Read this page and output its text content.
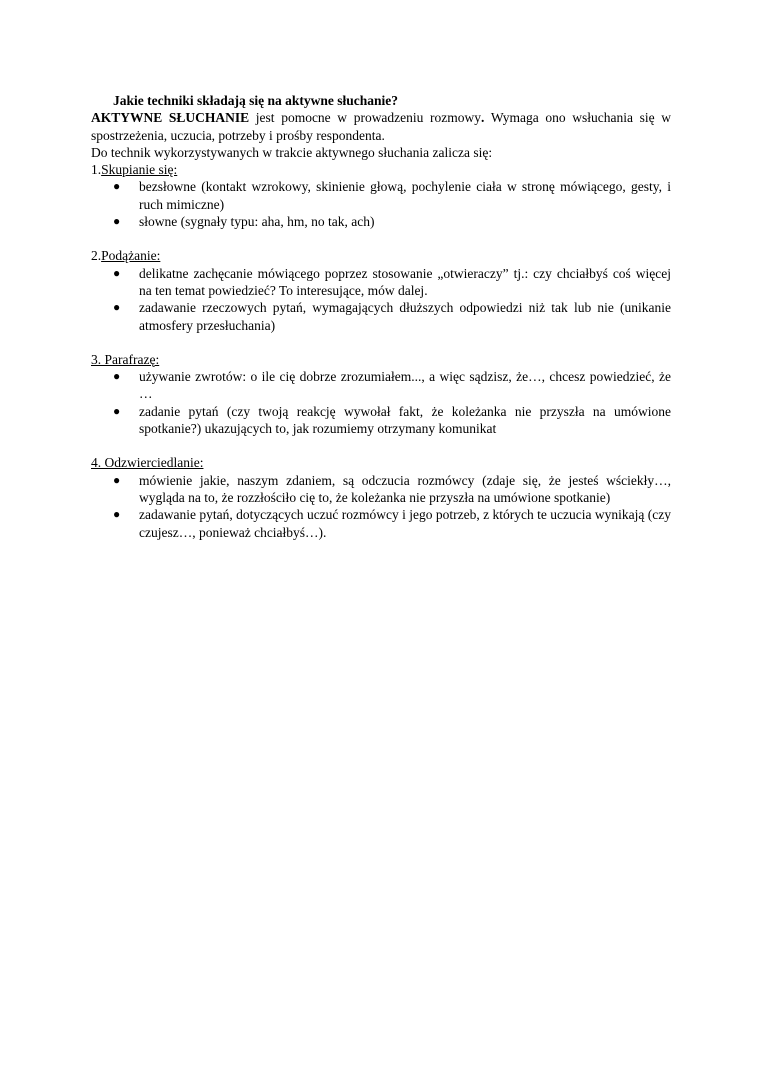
Jakie techniki składają się na aktywne słuchanie?

AKTYWNE SŁUCHANIE jest pomocne w prowadzeniu rozmowy. Wymaga ono wsłuchania się w spostrzeżenia, uczucia, potrzeby i prośby respondenta.

Do technik wykorzystywanych w trakcie aktywnego słuchania zalicza się:

1.Skupianie się:

● bezsłowne (kontakt wzrokowy, skinienie głową, pochylenie ciała w stronę mówiącego, gesty, i ruch mimiczne)
● słowne (sygnały typu: aha, hm, no tak, ach)

2.Podążanie:

● delikatne zachęcanie mówiącego poprzez stosowanie „otwieraczy” tj.: czy chciałbyś coś więcej na ten temat powiedzieć? To interesujące, mów dalej.
● zadawanie rzeczowych pytań, wymagających dłuższych odpowiedzi niż tak lub nie (unikanie atmosfery przesłuchania)

3. Parafrazę:

● używanie zwrotów: o ile cię dobrze zrozumiałem..., a więc sądzisz, że…, chcesz powiedzieć, że …
● zadanie pytań (czy twoją reakcję wywołał fakt, że koleżanka nie przyszła na umówione spotkanie?) ukazujących to, jak rozumiemy otrzymany komunikat

4. Odzwierciedlanie:

● mówienie jakie, naszym zdaniem, są odczucia rozmówcy (zdaje się, że jesteś wściekły…, wygląda na to, że rozzłościło cię to, że koleżanka nie przyszła na umówione spotkanie)
● zadawanie pytań, dotyczących uczuć rozmówcy i jego potrzeb, z których te uczucia wynikają (czy czujesz…, ponieważ chciałbyś…).
